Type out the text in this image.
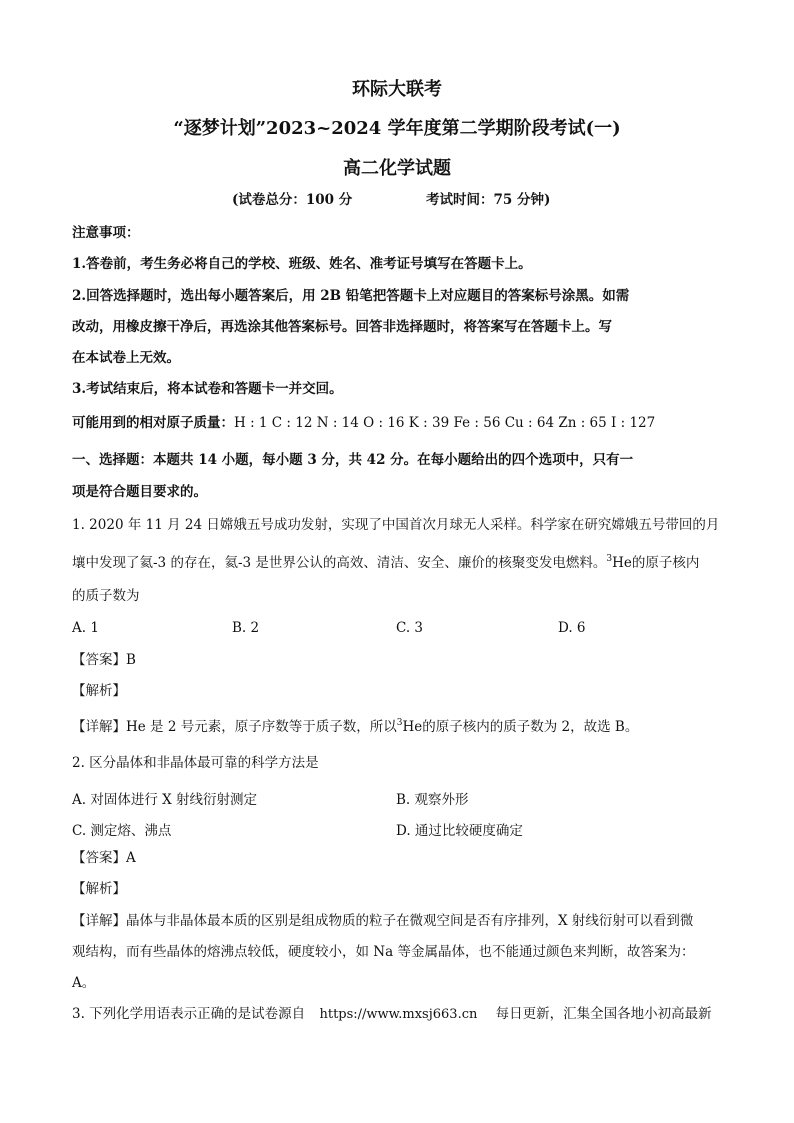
环际大联考
“逐梦计划”2023~2024 学年度第二学期阶段考试(一)
高二化学试题
(试卷总分：100 分	考试时间：75 分钟)
注意事项：
1.答卷前，考生务必将自己的学校、班级、姓名、准考证号填写在答题卡上。
2.回答选择题时，选出每小题答案后，用 2B 铅笔把答题卡上对应题目的答案标号涂黑。如需
改动，用橡皮擦干净后，再选涂其他答案标号。回答非选择题时，将答案写在答题卡上。写
在本试卷上无效。
3.考试结束后，将本试卷和答题卡一并交回。
可能用到的相对原子质量：H : 1 C : 12 N : 14 O : 16 K : 39 Fe : 56 Cu : 64 Zn : 65 I : 127
一、选择题：本题共 14 小题，每小题 3 分，共 42 分。在每小题给出的四个选项中，只有一
项是符合题目要求的。
1. 2020 年 11 月 24 日嫦娥五号成功发射，实现了中国首次月球无人采样。科学家在研究嫦娥五号带回的月
壤中发现了氦-3 的存在，氦-3 是世界公认的高效、清洁、安全、廉价的核聚变发电燃料。$^3$He的原子核内
的质子数为
A. 1	B. 2	C. 3	D. 6
【答案】B
【解析】
【详解】He 是 2 号元素，原子序数等于质子数，所以$^3$He的原子核内的质子数为 2，故选 B。
2. 区分晶体和非晶体最可靠的科学方法是
A. 对固体进行 X 射线衍射测定	B. 观察外形
C. 测定熔、沸点	D. 通过比较硬度确定
【答案】A
【解析】
【详解】晶体与非晶体最本质的区别是组成物质的粒子在微观空间是否有序排列，X 射线衍射可以看到微
观结构，而有些晶体的熔沸点较低，硬度较小，如 Na 等金属晶体，也不能通过颜色来判断，故答案为：
A。
3. 下列化学用语表示正确的是试卷源自 https://www.mxsj663.cn 每日更新，汇集全国各地小初高最新
